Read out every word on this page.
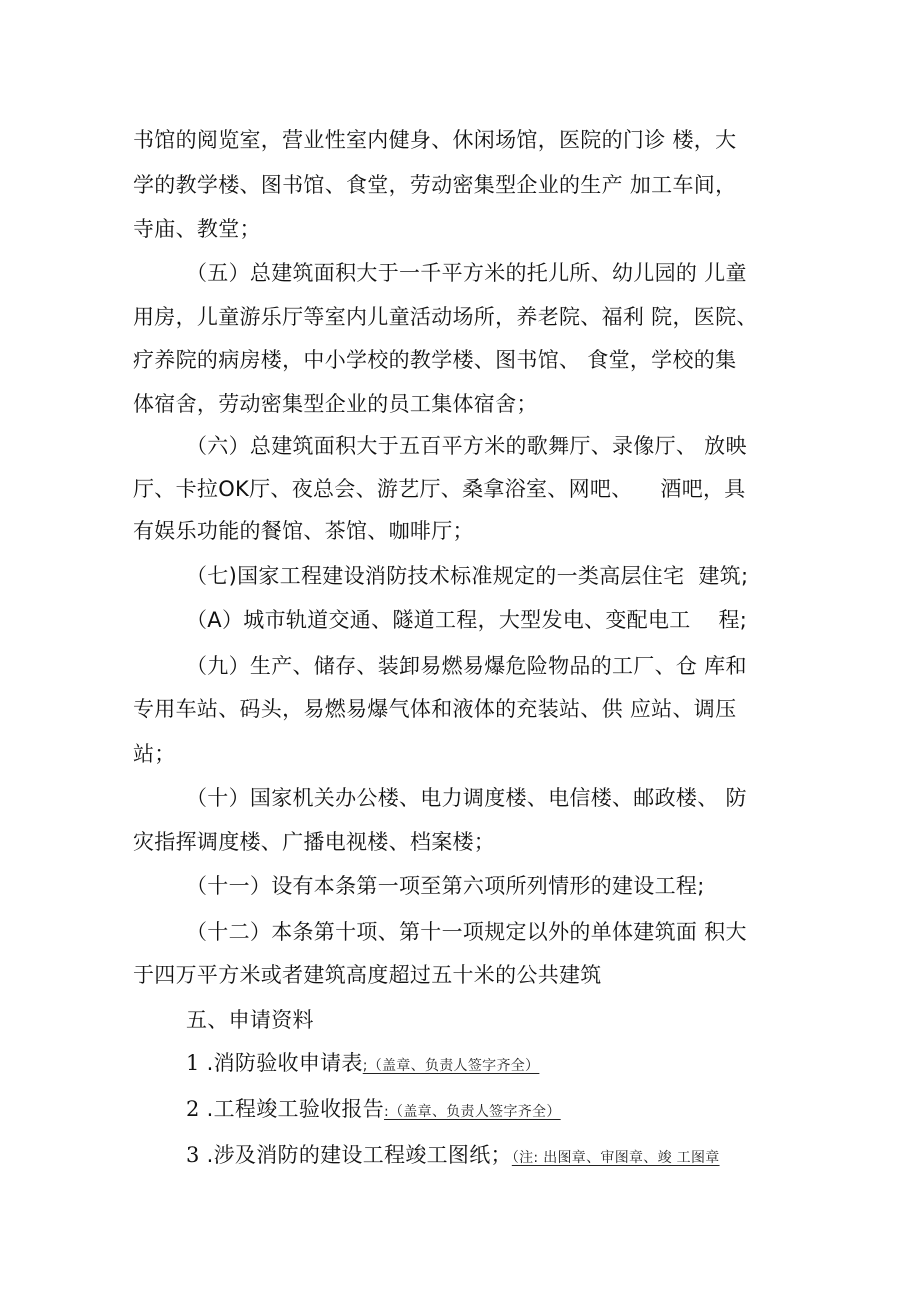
书馆的阅览室，营业性室内健身、休闲场馆，医院的门诊 楼，大
学的教学楼、图书馆、食堂，劳动密集型企业的生产 加工车间，
寺庙、教堂；
（五）总建筑面积大于一千平方米的托儿所、幼儿园的 儿童
用房，儿童游乐厅等室内儿童活动场所，养老院、福利 院，医院、
疗养院的病房楼，中小学校的教学楼、图书馆、 食堂，学校的集
体宿舍，劳动密集型企业的员工集体宿舍；
（六）总建筑面积大于五百平方米的歌舞厅、录像厅、 放映
厅、卡拉OK厅、夜总会、游艺厅、桑拿浴室、网吧、    酒吧，具
有娱乐功能的餐馆、茶馆、咖啡厅；
（七)国家工程建设消防技术标准规定的一类高层住宅  建筑;
（A）城市轨道交通、隧道工程，大型发电、变配电工    程;
（九）生产、储存、装卸易燃易爆危险物品的工厂、仓 库和
专用车站、码头，易燃易爆气体和液体的充装站、供 应站、调压
站；
（十）国家机关办公楼、电力调度楼、电信楼、邮政楼、 防
灾指挥调度楼、广播电视楼、档案楼；
（十一）设有本条第一项至第六项所列情形的建设工程;
（十二）本条第十项、第十一项规定以外的单体建筑面 积大
于四万平方米或者建筑高度超过五十米的公共建筑
五、申请资料
1 .消防验收申请表;（盖章、负责人签字齐全）
2 .工程竣工验收报告:（盖章、负责人签字齐全）
3 .涉及消防的建设工程竣工图纸；（注: 出图章、审图章、竣 工图章
